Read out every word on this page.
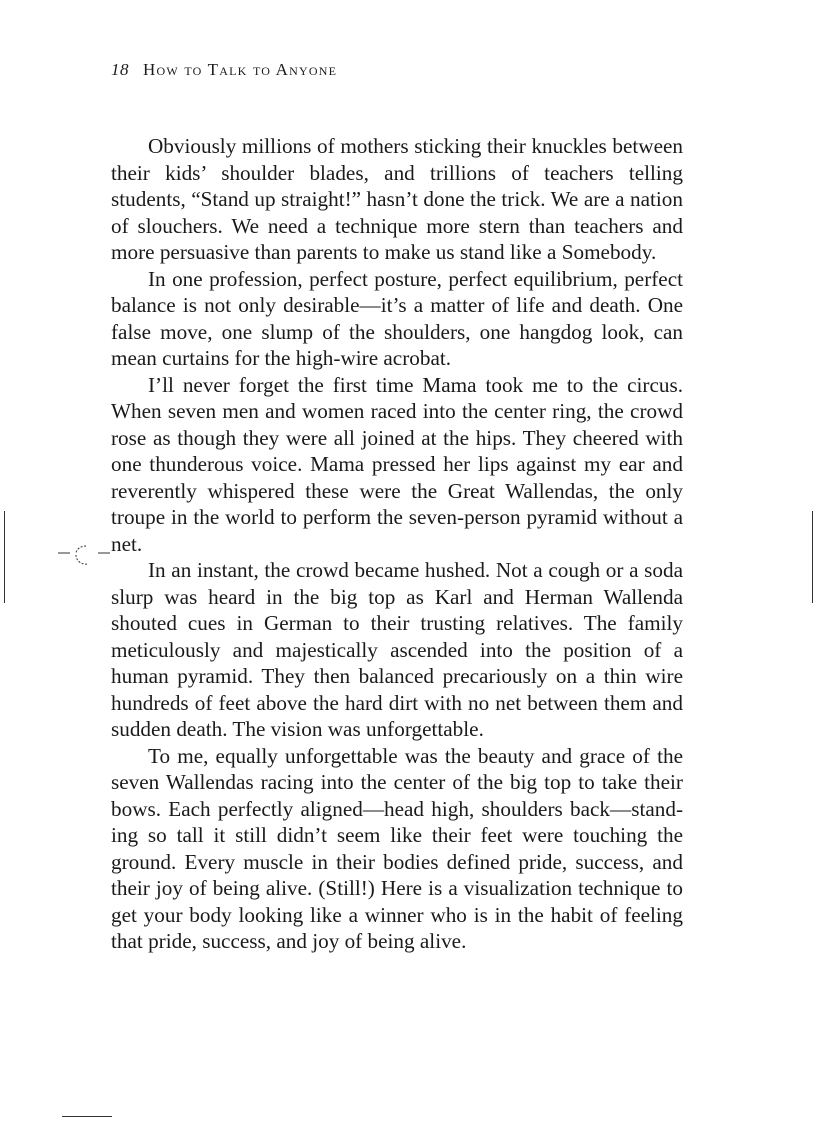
18 How to Talk to Anyone

Obviously millions of mothers sticking their knuckles between their kids’ shoulder blades, and trillions of teachers telling students, “Stand up straight!” hasn’t done the trick. We are a nation of slouchers. We need a technique more stern than teachers and more persuasive than parents to make us stand like a Somebody.

In one profession, perfect posture, perfect equilibrium, perfect balance is not only desirable—it’s a matter of life and death. One false move, one slump of the shoulders, one hangdog look, can mean curtains for the high-wire acrobat.

I’ll never forget the first time Mama took me to the circus. When seven men and women raced into the center ring, the crowd rose as though they were all joined at the hips. They cheered with one thunderous voice. Mama pressed her lips against my ear and reverently whispered these were the Great Wallendas, the only troupe in the world to perform the seven-person pyramid without a net.

In an instant, the crowd became hushed. Not a cough or a soda slurp was heard in the big top as Karl and Herman Wallenda shouted cues in German to their trusting relatives. The family meticulously and majestically ascended into the position of a human pyramid. They then balanced precariously on a thin wire hundreds of feet above the hard dirt with no net between them and sudden death. The vision was unforgettable.

To me, equally unforgettable was the beauty and grace of the seven Wallendas racing into the center of the big top to take their bows. Each perfectly aligned—head high, shoulders back—standing so tall it still didn’t seem like their feet were touching the ground. Every muscle in their bodies defined pride, success, and their joy of being alive. (Still!) Here is a visualization technique to get your body looking like a winner who is in the habit of feeling that pride, success, and joy of being alive.
